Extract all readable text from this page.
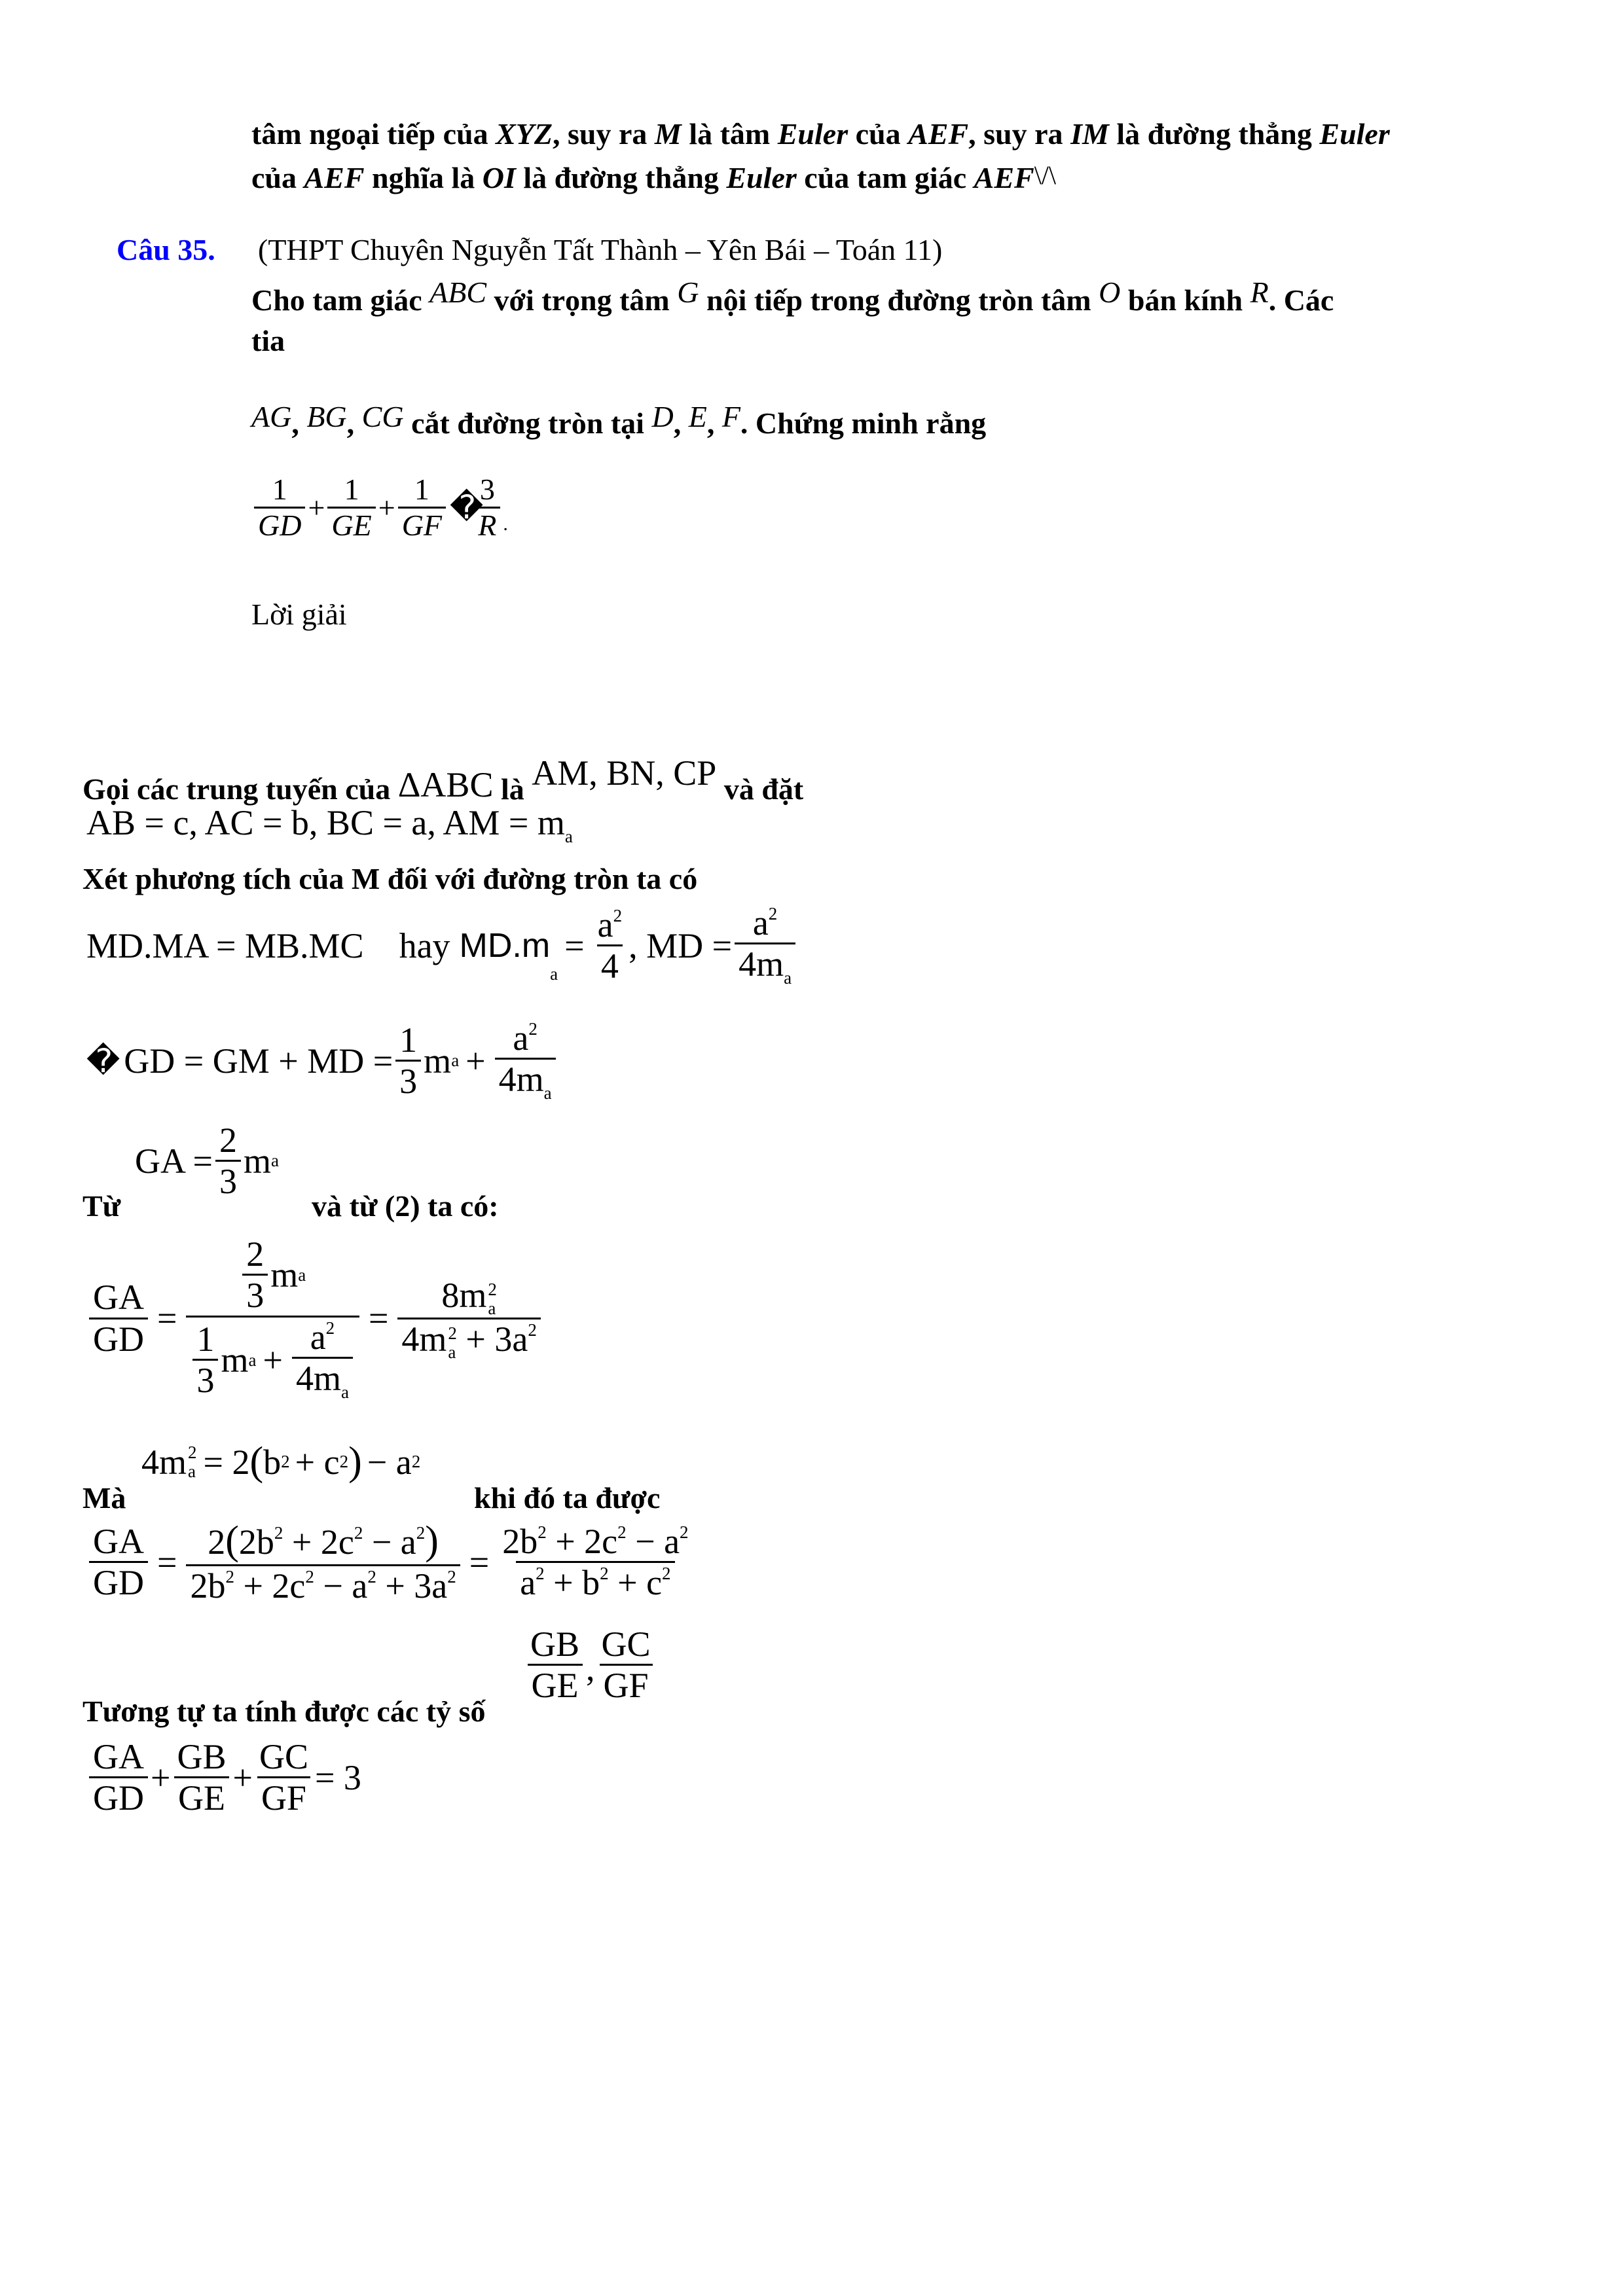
tâm ngoại tiếp của XYZ, suy ra M là tâm Euler của AEF, suy ra IM là đường thẳng Euler
của AEF nghĩa là OI là đường thẳng Euler của tam giác AEF\/\
Câu 35. (THPT Chuyên Nguyễn Tất Thành – Yên Bái – Toán 11)
Cho tam giác ABC với trọng tâm G nội tiếp trong đường tròn tâm O bán kính R. Các
tia
AG, BG, CG cắt đường tròn tại D, E, F. Chứng minh rằng
$\frac{1}{GD} + \frac{1}{GE} + \frac{1}{GF}$ �
$\frac{3}{R}$ .
Lời giải
Gọi các trung tuyến của ΔABC là AM, BN, CP và đặt
AB = c, AC = b, BC = a, AM = $m_a$
Xét phương tích của M đối với đường tròn ta có
MD.MA = MB.MC hay MD.m
a
= $\frac{a^2}{4}$ , MD = $\frac{a^2}{4m_a}$
� GD = GM + MD = $\frac{1}{3}$ m $a + \frac{a^2}{4m_a}$
Từ
GA = $\frac{2}{3}$ m a
và từ (2) ta có:
$\frac{GA}{GD} = \frac{\frac{2}{3} m a}{\frac{1}{3} m a + \frac{a^2}{4m_a}} = 8m$ 2
a
4m 2
$a + 3a^2$
Mà
4m 2
a = 2 ( b 2 + c 2 ) − a 2
khi đó ta được
$\frac{GA}{GD} = \frac{2(2b^2 + 2c^2 - a^2)}{2b^2 + 2c^2 - a^2 + 3a^2} = \frac{2b^2 + 2c^2 - a^2}{a^2 + b^2 + c^2}$
Tương tự ta tính được các tỷ số
$\frac{GB}{GE}$ , $\frac{GC}{GF}$
$\frac{GA}{GD} + \frac{GB}{GE} + \frac{GC}{GF} = 3$
